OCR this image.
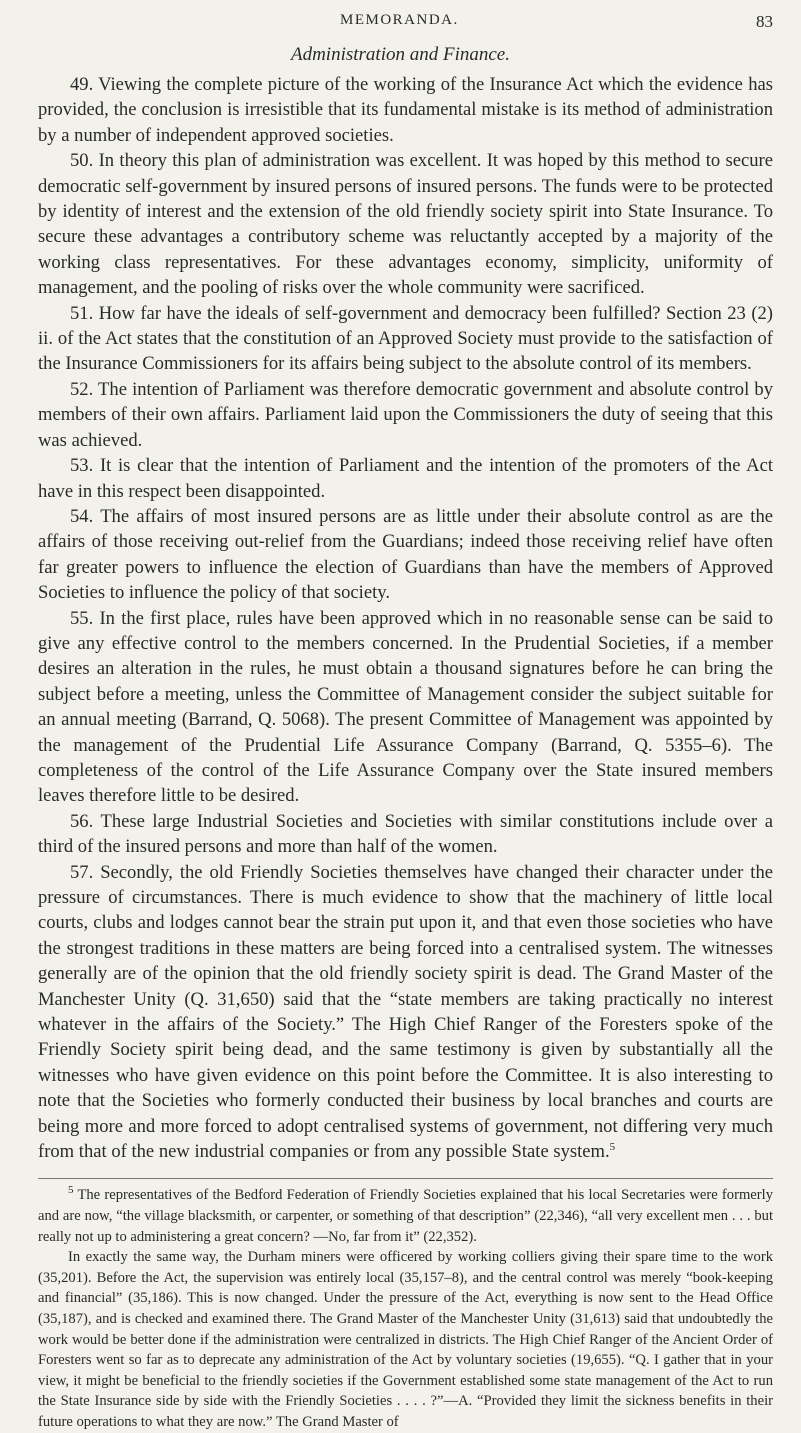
MEMORANDA.	83
Administration and Finance.

49. Viewing the complete picture of the working of the Insurance Act which the evidence has provided, the conclusion is irresistible that its fundamental mistake is its method of administration by a number of independent approved societies.

50. In theory this plan of administration was excellent. It was hoped by this method to secure democratic self-government by insured persons of insured persons. The funds were to be protected by identity of interest and the extension of the old friendly society spirit into State Insurance. To secure these advantages a contributory scheme was reluctantly accepted by a majority of the working class representatives. For these advantages economy, simplicity, uniformity of management, and the pooling of risks over the whole community were sacrificed.

51. How far have the ideals of self-government and democracy been fulfilled? Section 23 (2) ii. of the Act states that the constitution of an Approved Society must provide to the satisfaction of the Insurance Commissioners for its affairs being subject to the absolute control of its members.

52. The intention of Parliament was therefore democratic government and absolute control by members of their own affairs. Parliament laid upon the Commissioners the duty of seeing that this was achieved.

53. It is clear that the intention of Parliament and the intention of the promoters of the Act have in this respect been disappointed.

54. The affairs of most insured persons are as little under their absolute control as are the affairs of those receiving out-relief from the Guardians; indeed those receiving relief have often far greater powers to influence the election of Guardians than have the members of Approved Societies to influence the policy of that society.

55. In the first place, rules have been approved which in no reasonable sense can be said to give any effective control to the members concerned. In the Prudential Societies, if a member desires an alteration in the rules, he must obtain a thousand signatures before he can bring the subject before a meeting, unless the Committee of Management consider the subject suitable for an annual meeting (Barrand, Q. 5068). The present Committee of Management was appointed by the management of the Prudential Life Assurance Company (Barrand, Q. 5355–6). The completeness of the control of the Life Assurance Company over the State insured members leaves therefore little to be desired.

56. These large Industrial Societies and Societies with similar constitutions include over a third of the insured persons and more than half of the women.

57. Secondly, the old Friendly Societies themselves have changed their character under the pressure of circumstances. There is much evidence to show that the machinery of little local courts, clubs and lodges cannot bear the strain put upon it, and that even those societies who have the strongest traditions in these matters are being forced into a centralised system. The witnesses generally are of the opinion that the old friendly society spirit is dead. The Grand Master of the Manchester Unity (Q. 31,650) said that the “state members are taking practically no interest whatever in the affairs of the Society.” The High Chief Ranger of the Foresters spoke of the Friendly Society spirit being dead, and the same testimony is given by substantially all the witnesses who have given evidence on this point before the Committee. It is also interesting to note that the Societies who formerly conducted their business by local branches and courts are being more and more forced to adopt centralised systems of government, not differing very much from that of the new industrial companies or from any possible State system.$^5$

$^5$ The representatives of the Bedford Federation of Friendly Societies explained that his local Secretaries were formerly and are now, “the village blacksmith, or carpenter, or something of that description” (22,346), “all very excellent men . . . but really not up to administering a great concern? —No, far from it” (22,352).

In exactly the same way, the Durham miners were officered by working colliers giving their spare time to the work (35,201). Before the Act, the supervision was entirely local (35,157–8), and the central control was merely “book-keeping and financial” (35,186). This is now changed. Under the pressure of the Act, everything is now sent to the Head Office (35,187), and is checked and examined there. The Grand Master of the Manchester Unity (31,613) said that undoubtedly the work would be better done if the administration were centralized in districts. The High Chief Ranger of the Ancient Order of Foresters went so far as to deprecate any administration of the Act by voluntary societies (19,655). “Q. I gather that in your view, it might be beneficial to the friendly societies if the Government established some state management of the Act to run the State Insurance side by side with the Friendly Societies . . . . ?”—A. “Provided they limit the sickness benefits in their future operations to what they are now.” The Grand Master of
